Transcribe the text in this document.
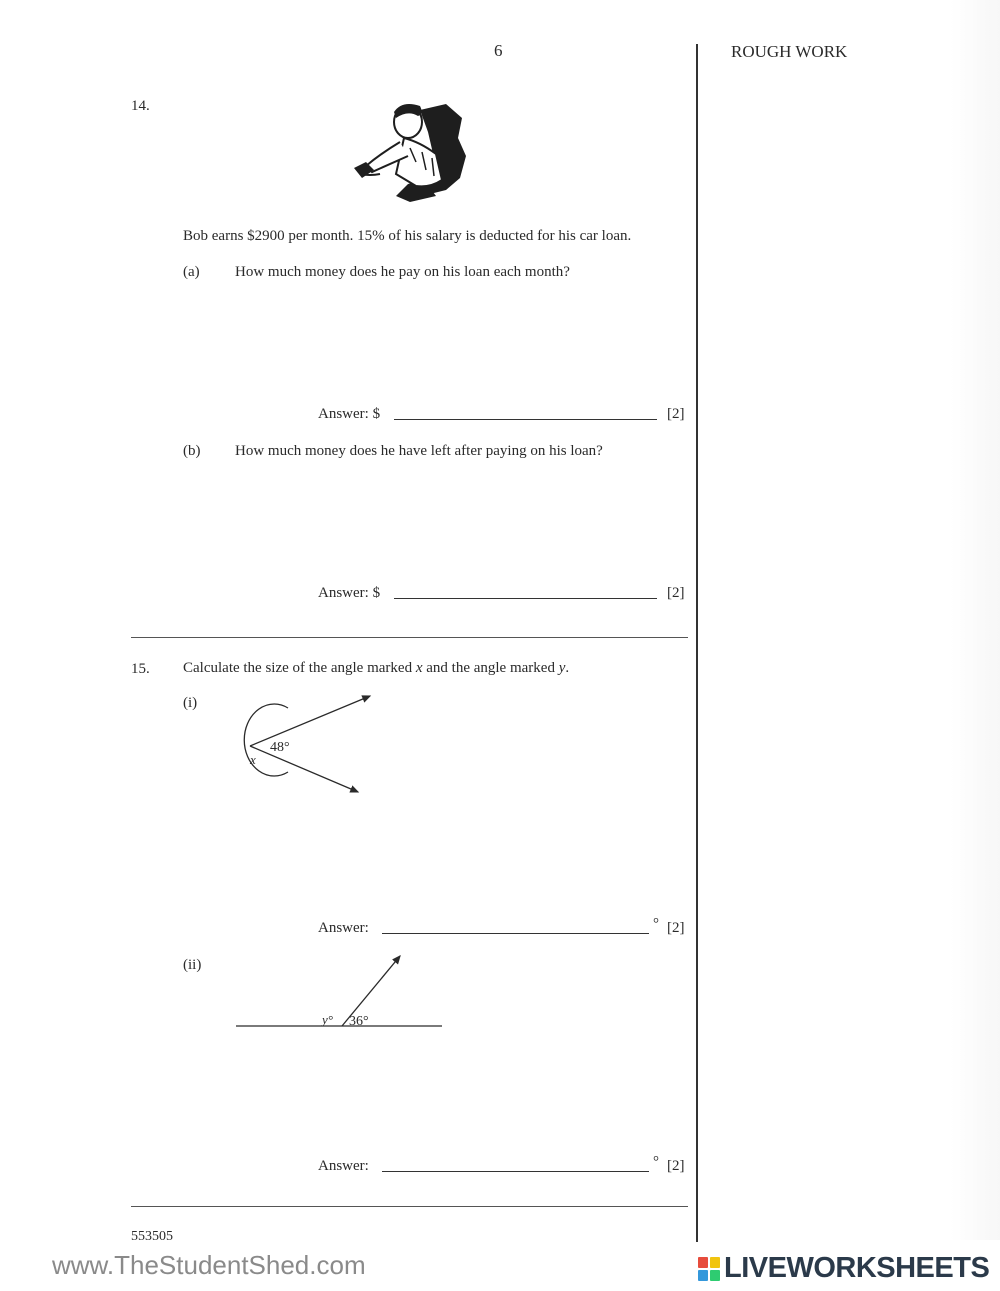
6	ROUGH WORK
14.
Bob earns $2900 per month. 15% of his salary is deducted for his car loan.
(a) How much money does he pay on his loan each month?
Answer: $	[2]
(b) How much money does he have left after paying on his loan?
Answer: $	[2]
15. Calculate the size of the angle marked x and the angle marked y.
(i)
48°
x
Answer:	° [2]
(ii)
y° 36°
Answer:	° [2]
553505
www.TheStudentShed.com	LIVEWORKSHEETS
